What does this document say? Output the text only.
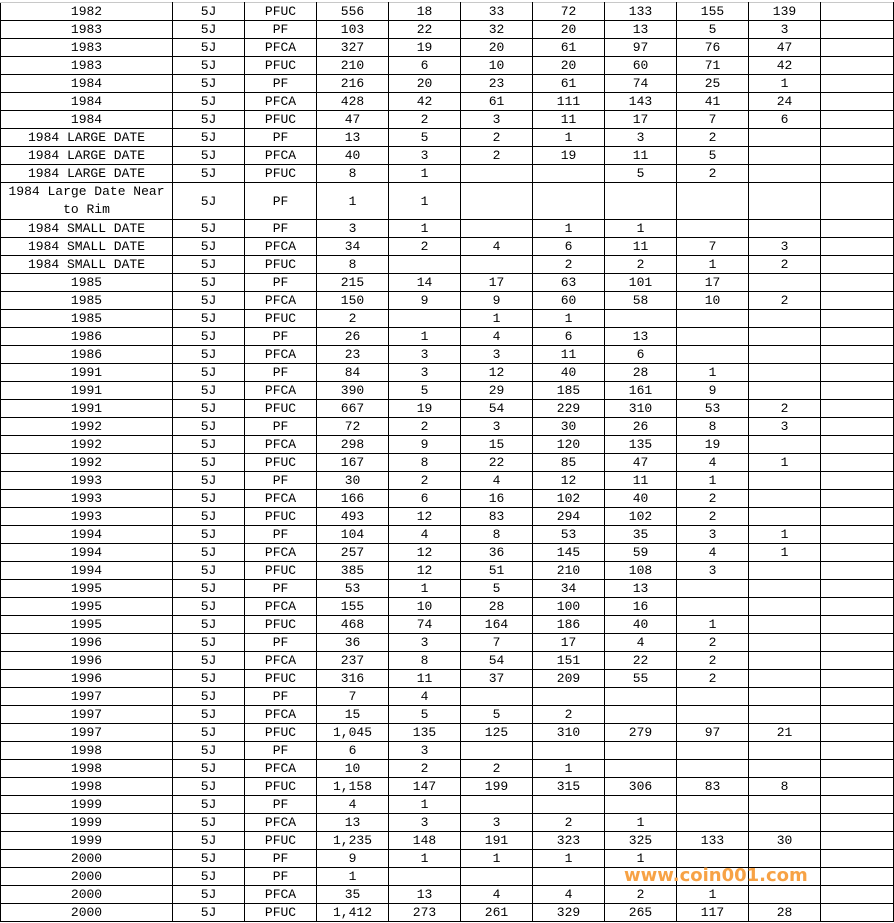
1982	5J	PFUC	556	18	33	72	133	155	139	
1983	5J	PF	103	22	32	20	13	5	3	
1983	5J	PFCA	327	19	20	61	97	76	47	
1983	5J	PFUC	210	6	10	20	60	71	42	
1984	5J	PF	216	20	23	61	74	25	1	
1984	5J	PFCA	428	42	61	111	143	41	24	
1984	5J	PFUC	47	2	3	11	17	7	6	
1984 LARGE DATE	5J	PF	13	5	2	1	3	2		
1984 LARGE DATE	5J	PFCA	40	3	2	19	11	5		
1984 LARGE DATE	5J	PFUC	8	1			5	2		
1984 Large Date Near to Rim	5J	PF	1	1						
1984 SMALL DATE	5J	PF	3	1		1	1			
1984 SMALL DATE	5J	PFCA	34	2	4	6	11	7	3	
1984 SMALL DATE	5J	PFUC	8			2	2	1	2	
1985	5J	PF	215	14	17	63	101	17		
1985	5J	PFCA	150	9	9	60	58	10	2	
1985	5J	PFUC	2		1	1				
1986	5J	PF	26	1	4	6	13			
1986	5J	PFCA	23	3	3	11	6			
1991	5J	PF	84	3	12	40	28	1		
1991	5J	PFCA	390	5	29	185	161	9		
1991	5J	PFUC	667	19	54	229	310	53	2	
1992	5J	PF	72	2	3	30	26	8	3	
1992	5J	PFCA	298	9	15	120	135	19		
1992	5J	PFUC	167	8	22	85	47	4	1	
1993	5J	PF	30	2	4	12	11	1		
1993	5J	PFCA	166	6	16	102	40	2		
1993	5J	PFUC	493	12	83	294	102	2		
1994	5J	PF	104	4	8	53	35	3	1	
1994	5J	PFCA	257	12	36	145	59	4	1	
1994	5J	PFUC	385	12	51	210	108	3		
1995	5J	PF	53	1	5	34	13			
1995	5J	PFCA	155	10	28	100	16			
1995	5J	PFUC	468	74	164	186	40	1		
1996	5J	PF	36	3	7	17	4	2		
1996	5J	PFCA	237	8	54	151	22	2		
1996	5J	PFUC	316	11	37	209	55	2		
1997	5J	PF	7	4						
1997	5J	PFCA	15	5	5	2				
1997	5J	PFUC	1,045	135	125	310	279	97	21	
1998	5J	PF	6	3						
1998	5J	PFCA	10	2	2	1				
1998	5J	PFUC	1,158	147	199	315	306	83	8	
1999	5J	PF	4	1						
1999	5J	PFCA	13	3	3	2	1			
1999	5J	PFUC	1,235	148	191	323	325	133	30	
2000	5J	PF	9	1	1	1	1			
2000	5J	PF	1							
2000	5J	PFCA	35	13	4	4	2	1		
2000	5J	PFUC	1,412	273	261	329	265	117	28	
www.coin001.com
